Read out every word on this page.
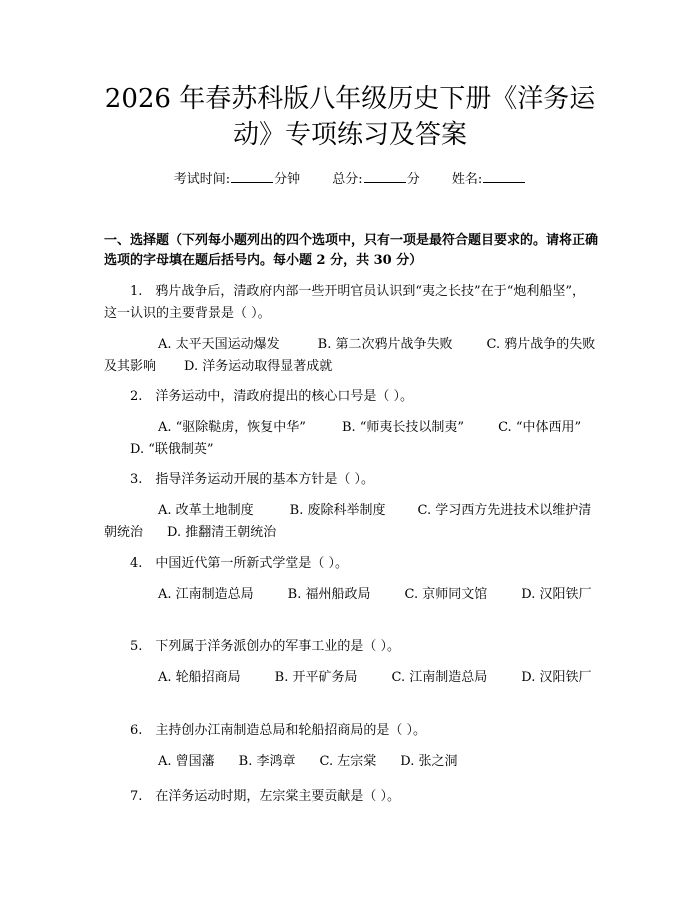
2026 年春苏科版八年级历史下册《洋务运
动》专项练习及答案
考试时间:	分钟 总分:	分 姓名:
一、选择题（下列每小题列出的四个选项中，只有一项是最符合题目要求的。请将正确选项的字母填在题后括号内。每小题 2 分，共 30 分）

1.　鸦片战争后，清政府内部一些开明官员认识到“夷之长技”在于“炮利船坚”，这一认识的主要背景是（ ）。

A. 太平天国运动爆发	B. 第二次鸦片战争失败	C. 鸦片战争的失败及其影响 D. 洋务运动取得显著成就

2.　洋务运动中，清政府提出的核心口号是（ ）。

A. “驱除鞑虏，恢复中华”	B. “师夷长技以制夷”	C. “中体西用”D. “联俄制英”

3.　指导洋务运动开展的基本方针是（ ）。

A. 改革土地制度	B. 废除科举制度 C. 学习西方先进技术以维护清朝统治 D. 推翻清王朝统治

4.　中国近代第一所新式学堂是（ ）。

A. 江南制造总局	B. 福州船政局	C. 京师同文馆	D. 汉阳铁厂

5.　下列属于洋务派创办的军事工业的是（ ）。

A. 轮船招商局	B. 开平矿务局	C. 江南制造总局	D. 汉阳铁厂

6.　主持创办江南制造总局和轮船招商局的是（ ）。

A. 曾国藩 B. 李鸿章 C. 左宗棠 D. 张之洞

7.　在洋务运动时期，左宗棠主要贡献是（ ）。
